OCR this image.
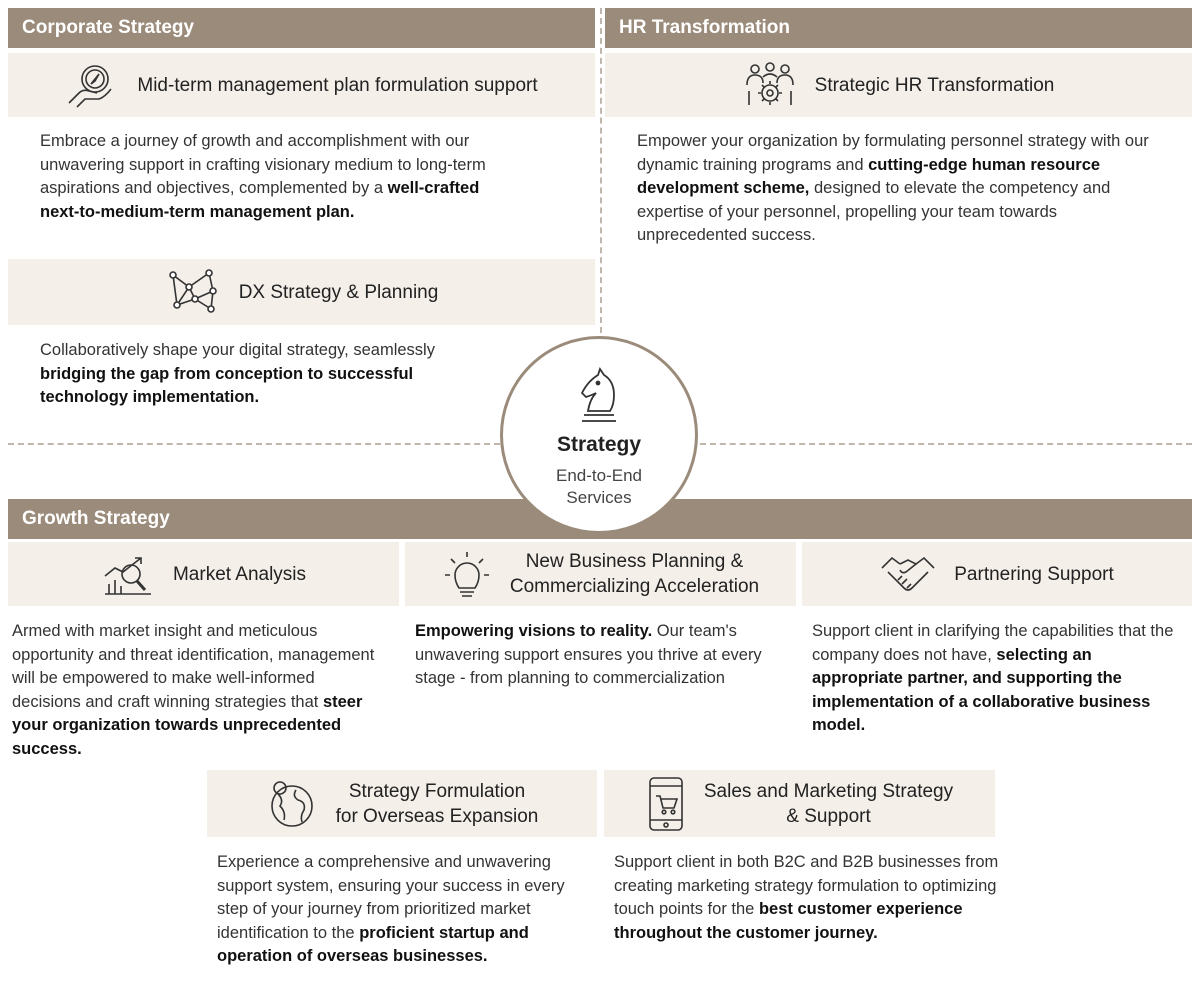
Corporate Strategy
Mid-term management plan formulation support
Embrace a journey of growth and accomplishment with our unwavering support in crafting visionary medium to long-term aspirations and objectives, complemented by a well-crafted next-to-medium-term management plan.
DX Strategy & Planning
Collaboratively shape your digital strategy, seamlessly bridging the gap from conception to successful technology implementation.
HR Transformation
Strategic HR Transformation
Empower your organization by formulating personnel strategy with our dynamic training programs and cutting-edge human resource development scheme, designed to elevate the competency and expertise of your personnel, propelling your team towards unprecedented success.
Growth Strategy
Market Analysis
Armed with market insight and meticulous opportunity and threat identification, management will be empowered to make well-informed decisions and craft winning strategies that steer your organization towards unprecedented success.
New Business Planning &
Commercializing Acceleration
Empowering visions to reality. Our team's unwavering support ensures you thrive at every stage - from planning to commercialization
Partnering Support
Support client in clarifying the capabilities that the company does not have, selecting an appropriate partner, and supporting the implementation of a collaborative business model.
Strategy Formulation
for Overseas Expansion
Experience a comprehensive and unwavering support system, ensuring your success in every step of your journey from prioritized market identification to the proficient startup and operation of overseas businesses.
Sales and Marketing Strategy
& Support
Support client in both B2C and B2B businesses from creating marketing strategy formulation to optimizing touch points for the best customer experience throughout the customer journey.
Strategy
End-to-End
Services
